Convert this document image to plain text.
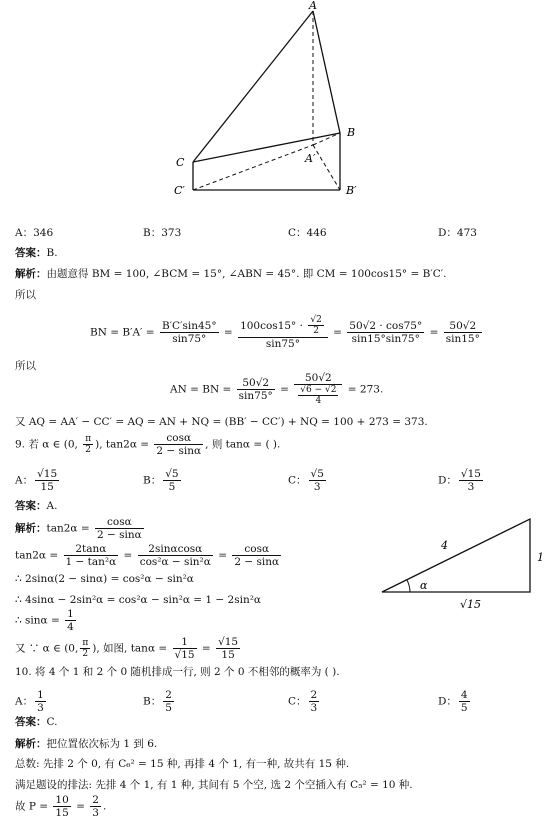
A
B
C	A′
C′	B′
A：346	B：373	C：446	D：473
答案：B.
解析：由题意得 BM = 100, ∠BCM = 15°, ∠ABN = 45°. 即 CM = 100cos15° = B′C′.
所以
BN = $B'A' = \frac{B'C'\sin 45^\circ}{\sin 75^\circ} = \frac{100\cos 15^\circ \cdot \frac{√2}{2}}{\sin 75^\circ} = \frac{50√2 \cdot \cos 75^\circ}{\sin 15^\circ\sin 75^\circ} = \frac{50√2}{\sin 15^\circ}$
所以
AN = BN = $\frac{50√2}{\sin 75^\circ} = \frac{50√2}{\frac{√6 - √2}{4}} = 273$.
又 AQ = AA′ − CC′ = AQ = AN + NQ = (BB′ − CC′) + NQ = 100 + 273 = 373.
9. 若 α ∈ (0, $\frac{\pi}{2}$ ), $\tan 2\alpha = \frac{\cos\alpha}{2 - \sin\alpha}$ , 则 tanα = ( ).
A： $\frac{√15}{15}$	B： $\frac{√5}{5}$	C： $\frac{√5}{3}$	D： $\frac{√15}{3}$
答案：A.
解析：$\tan 2\alpha = \frac{\cos\alpha}{2 - \sin\alpha}$
$\tan 2\alpha = \frac{2\tan\alpha}{\text{1 − tan²α}} = \frac{2\sin\alpha\cos\alpha}{\text{cos²α − sin²α}} = \frac{\cos\alpha}{2 - \sin\alpha}$
∴ 2sinα(2 − sinα) = cos²α − sin²α
∴ 4sinα − 2sin²α = cos²α − sin²α = 1 − 2sin²α
∴ $\sin\alpha = \frac{1}{4}$
又 ∵ α ∈ (0, $\frac{\pi}{2}$ ), 如图, $\tan\alpha = \frac{1}{√15} = \frac{√15}{15}$
4
1
√15
α
10. 将 4 个 1 和 2 个 0 随机排成一行, 则 2 个 0 不相邻的概率为 ( ).
A： $\frac{1}{3}$	B： $\frac{2}{5}$	C： $\frac{2}{3}$	D： $\frac{4}{5}$
答案：C.
解析：把位置依次标为 1 到 6.
总数: 先排 2 个 0, 有 C₆² = 15 种, 再排 4 个 1, 有一种, 故共有 15 种.
满足题设的排法: 先排 4 个 1, 有 1 种, 其间有 5 个空, 选 2 个空插入有 C₅² = 10 种.
故 $P = \frac{10}{15} = \frac{2}{3}$ .
